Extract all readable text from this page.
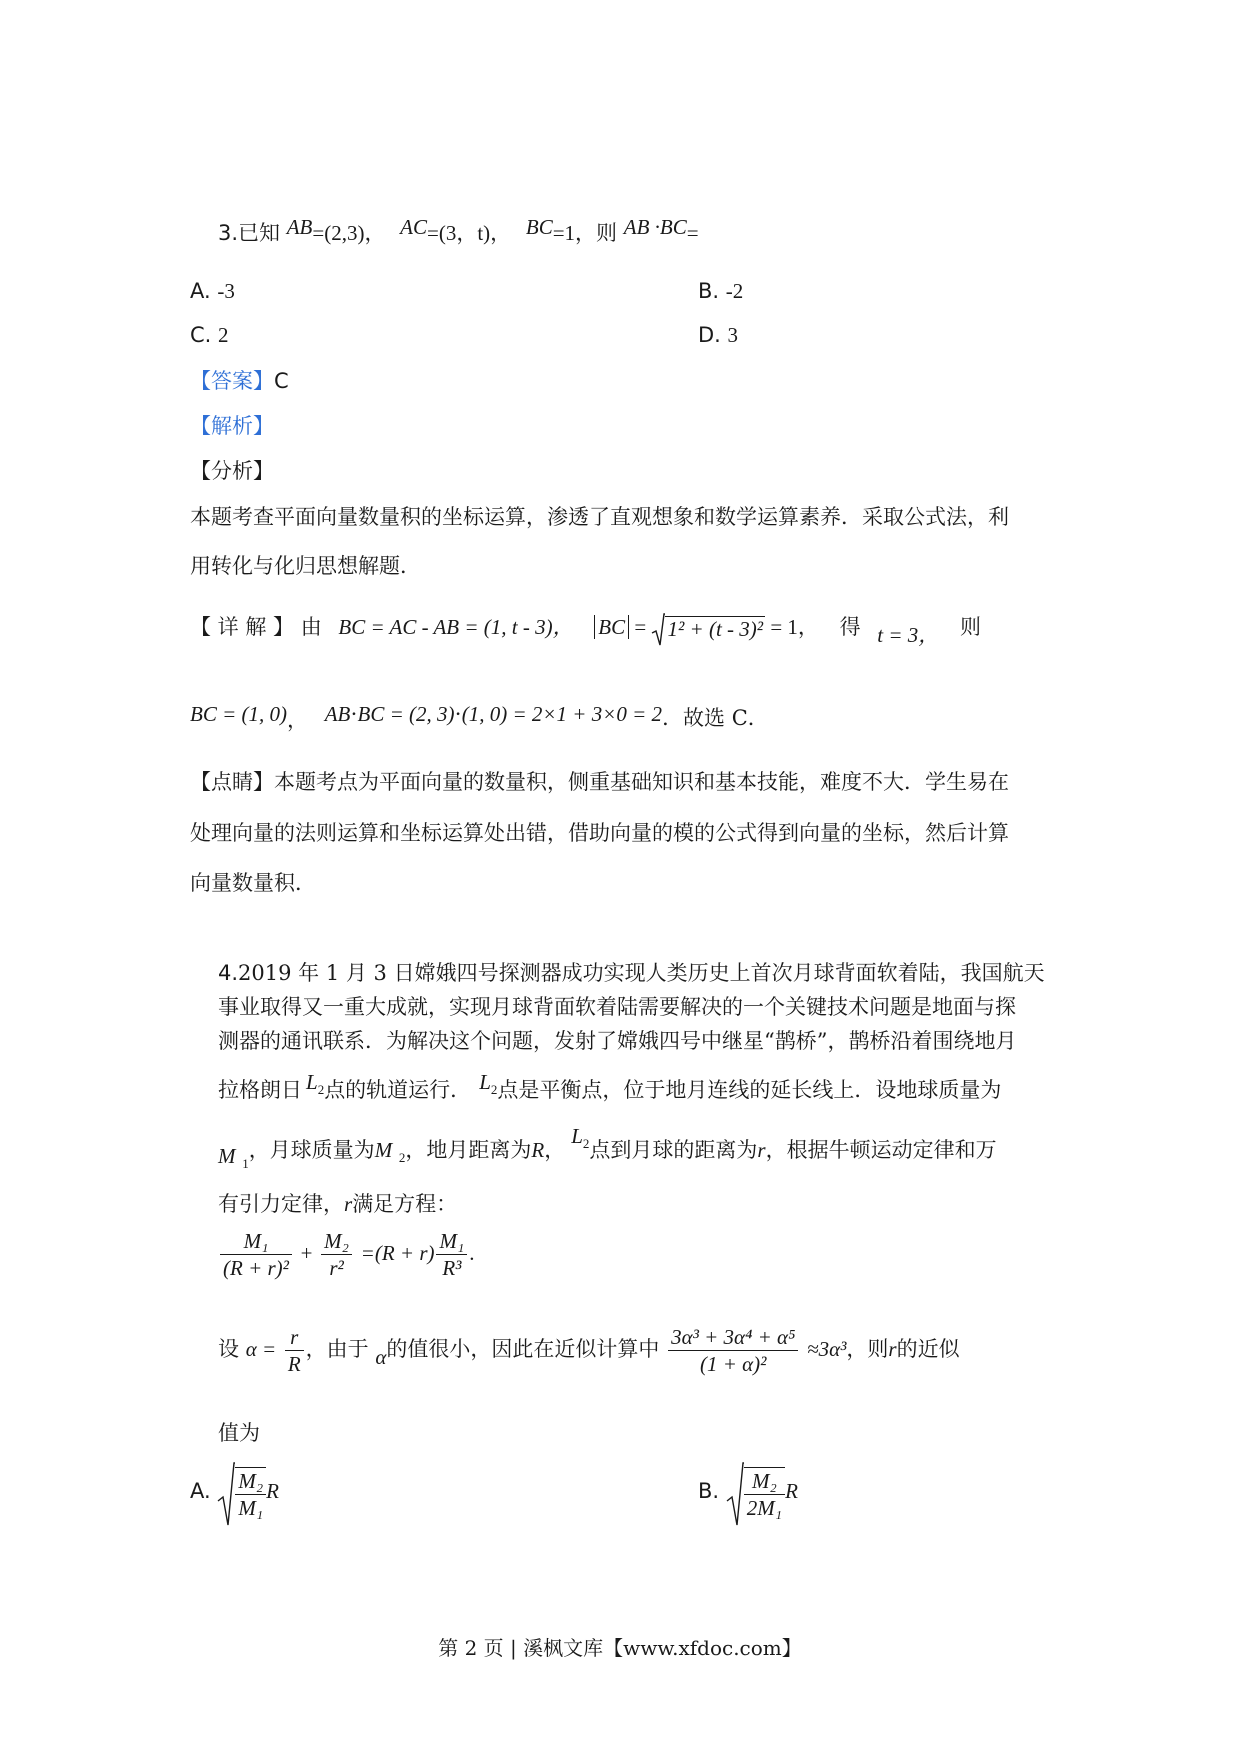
3.已知 AB=(2,3)， AC=(3，t)， BC=1，则 AB ·BC=
A. -3	B. -2
C. 2	D. 3
【答案】C
【解析】
【分析】
本题考查平面向量数量积的坐标运算，渗透了直观想象和数学运算素养．采取公式法，利
用转化与化归思想解题．
【 详 解 】 由 BC = AC - AB = (1, t - 3)， BC = 1² + (t - 3)² = 1， 得 t = 3， 则
BC = (1, 0)， AB⋅BC = (2, 3)⋅(1, 0) = 2×1 + 3×0 = 2．故选 C．
【点睛】本题考点为平面向量的数量积，侧重基础知识和基本技能，难度不大．学生易在
处理向量的法则运算和坐标运算处出错，借助向量的模的公式得到向量的坐标，然后计算
向量数量积．
4.2019 年 1 月 3 日嫦娥四号探测器成功实现人类历史上首次月球背面软着陆，我国航天
事业取得又一重大成就，实现月球背面软着陆需要解决的一个关键技术问题是地面与探
测器的通讯联系．为解决这个问题，发射了嫦娥四号中继星“鹊桥”，鹊桥沿着围绕地月
拉格朗日 $L_2$点的轨道运行． $L_2$点是平衡点，位于地月连线的延长线上．设地球质量为
M $_1$，月球质量为M $_2$，地月距离为R，$L_2$点到月球的距离为r，根据牛顿运动定律和万
有引力定律，r满足方程：
$\frac{\text{M₁}}{\text{(R + r)²}} + \frac{\text{M₂}}{\text{r²}} =(R + r) \frac{\text{M₁}}{\text{R³}}$ .
设 $\alpha = \frac{r}{R}$ ，由于 α的值很小，因此在近似计算中 $\frac{\text{3α³ + 3α⁴ + α⁵}}{\text{(1 + α)²}} \approx 3\alpha^3$，则r的近似
值为
A. $\frac{\text{M₂}}{\text{M₁}}$ R	B. $\frac{\text{M₂}}{\text{2M₁}}$ R
第 2 页 | 溪枫文库【www.xfdoc.com】
